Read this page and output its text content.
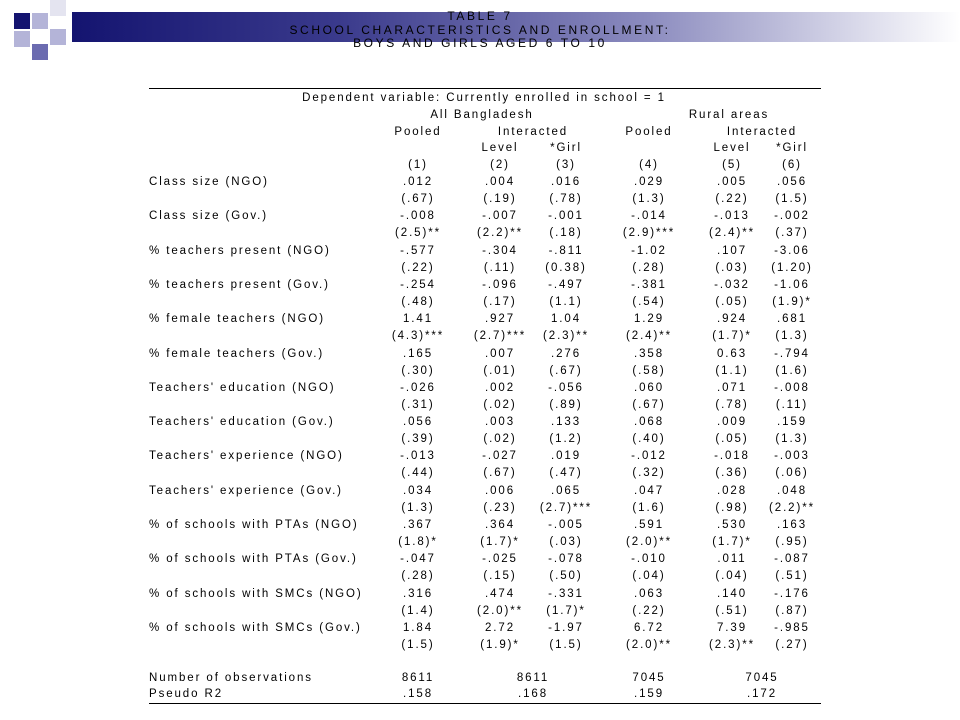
TABLE 7
SCHOOL CHARACTERISTICS AND ENROLLMENT:
BOYS AND GIRLS AGED 6 TO 10
Dependent variable: Currently enrolled in school = 1
All Bangladesh	Rural areas
Pooled	Interacted	Pooled	Interacted
Level	*Girl	Level *Girl
(1)	(2)	(3)	(4)	(5)	(6)
Class size (NGO)	.012	.004	.016	.029	.005	.056
(.67)	(.19)	(.78)	(1.3)	(.22) (1.5)
Class size (Gov.)	-.008	-.007	-.001	-.014	-.013 -.002
(2.5)**	(2.2)** (.18)	(2.9)***	(2.4)** (.37)
% teachers present (NGO)	-.577	-.304	-.811	-1.02	.107 -3.06
(.22)	(.11)	(0.38)	(.28)	(.03) (1.20)
% teachers present (Gov.)	-.254	-.096	-.497	-.381	-.032 -1.06
(.48)	(.17)	(1.1)	(.54)	(.05) (1.9)*
% female teachers (NGO)	1.41	.927	1.04	1.29	.924	.681
(4.3)***	(2.7)*** (2.3)**	(2.4)**	(1.7)* (1.3)
% female teachers (Gov.)	.165	.007	.276	.358	0.63 -.794
(.30)	(.01)	(.67)	(.58)	(1.1) (1.6)
Teachers' education (NGO)	-.026	.002	-.056	.060	.071 -.008
(.31)	(.02)	(.89)	(.67)	(.78) (.11)
Teachers' education (Gov.)	.056	.003	.133	.068	.009	.159
(.39)	(.02)	(1.2)	(.40)	(.05) (1.3)
Teachers' experience (NGO)	-.013	-.027	.019	-.012	-.018 -.003
(.44)	(.67)	(.47)	(.32)	(.36) (.06)
Teachers' experience (Gov.)	.034	.006	.065	.047	.028	.048
(1.3)	(.23) (2.7)***	(1.6)	(.98) (2.2)**
% of schools with PTAs (NGO)	.367	.364	-.005	.591	.530	.163
(1.8)*	(1.7)*	(.03)	(2.0)**	(1.7)* (.95)
% of schools with PTAs (Gov.)	-.047	-.025	-.078	-.010	.011 -.087
(.28)	(.15)	(.50)	(.04)	(.04) (.51)
% of schools with SMCs (NGO)	.316	.474	-.331	.063	.140 -.176
(1.4)	(2.0)** (1.7)*	(.22)	(.51) (.87)
% of schools with SMCs (Gov.)	1.84	2.72	-1.97	6.72	7.39 -.985
(1.5)	(1.9)*	(1.5)	(2.0)**	(2.3)** (.27)
Number of observations	8611	8611	7045	7045
Pseudo R2	.158	.168	.159	.172
